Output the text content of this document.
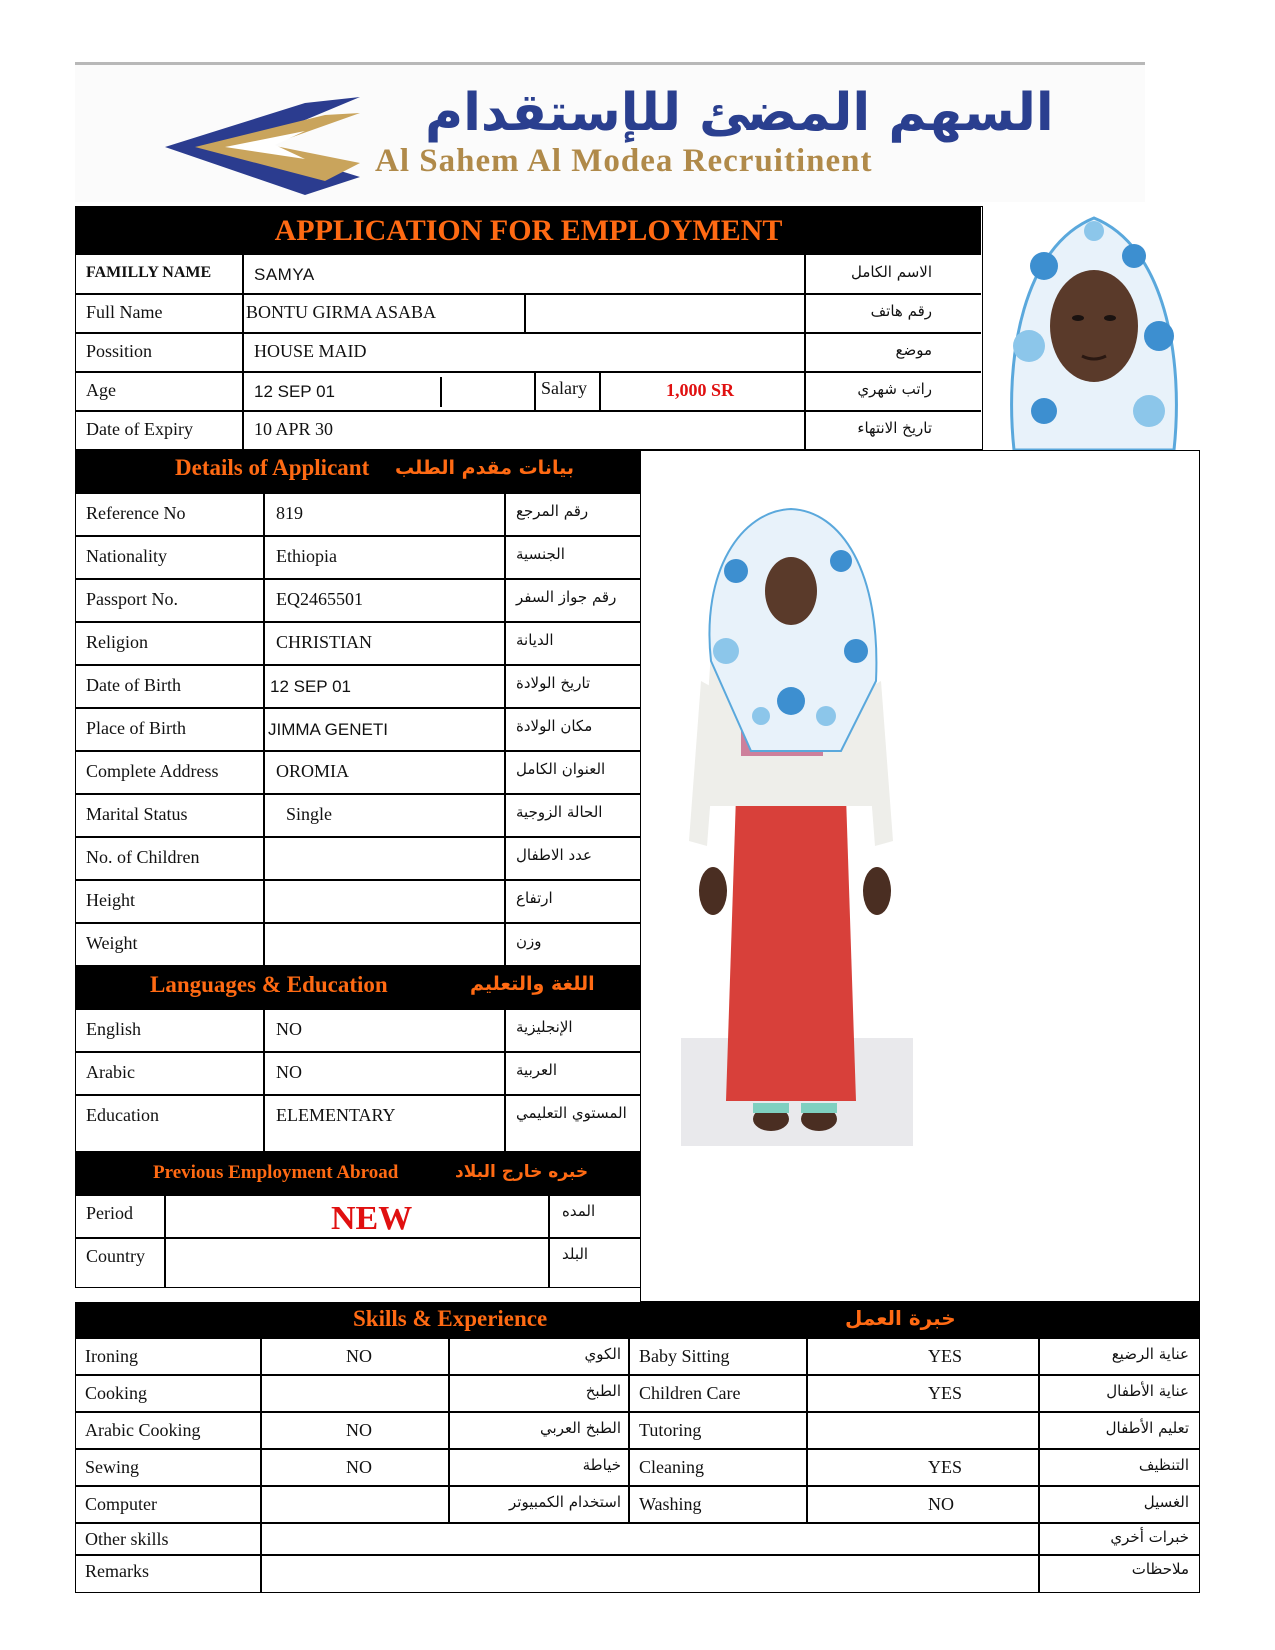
السهم المضئ للإستقدام
Al Sahem Al Modea Recruitinent
APPLICATION FOR EMPLOYMENT
FAMILLY NAME	SAMYA	الاسم الكامل
Full Name	BONTU GIRMA ASABA	رقم هاتف
Possition	HOUSE MAID	موضع
Age	12 SEP 01	Salary	1,000 SR	راتب شهري
Date of Expiry	10 APR 30	تاريخ الانتهاء
Details of Applicant بيانات مقدم الطلب
Reference No	819	رقم المرجع
Nationality	Ethiopia	الجنسية
Passport No.	EQ2465501	رقم جواز السفر
Religion	CHRISTIAN	الديانة
Date of Birth	12 SEP 01	تاريخ الولادة
Place of Birth	JIMMA GENETI	مكان الولادة
Complete Address	OROMIA	العنوان الكامل
Marital Status	Single	الحالة الزوجية
No. of Children	عدد الاطفال
Height	ارتفاع
Weight	وزن
Languages & Education	اللغة والتعليم
English	NO	الإنجليزية
Arabic	NO	العربية
Education	ELEMENTARY	المستوي التعليمي
Previous Employment Abroad	خبره خارج البلاد
Period	NEW	المده
Country	البلد
Skills & Experience	خبرة العمل
Ironing	NO	الكوي Baby Sitting	YES	عناية الرضيع
Cooking	الطبخ Children Care	YES	عناية الأطفال
Arabic Cooking	NO	الطبخ العربي Tutoring	تعليم الأطفال
Sewing	NO	خياطة Cleaning	YES	التنظيف
Computer	استخدام الكمبيوتر Washing	NO	الغسيل
Other skills	خبرات أخري
Remarks	ملاحظات
